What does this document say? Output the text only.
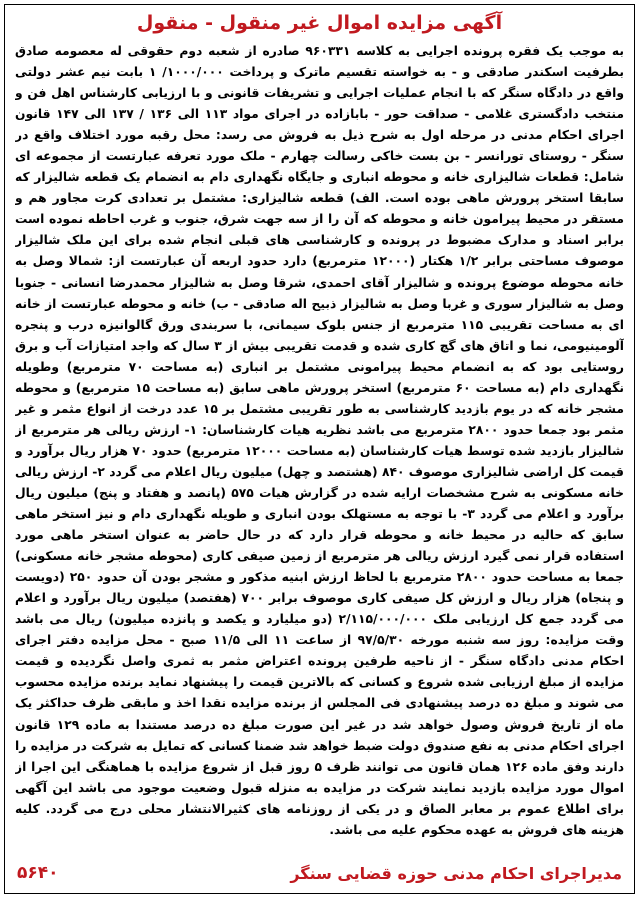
آگهی مزایده اموال غیر منقول - منقول
به موجب یک فقره پرونده اجرایی به کلاسه ۹۶۰۳۳۱ صادره از شعبه دوم حقوقی له معصومه صادق بطرفیت اسکندر صادقی و - به خواسته تقسیم ماترک و پرداخت ۱۰۰۰/۰۰۰/ ۱ بابت نیم عشر دولتی واقع در دادگاه سنگر که با انجام عملیات اجرایی و تشریفات قانونی و با ارزیابی کارشناس اهل فن و منتخب دادگستری غلامی - صداقت حور - بابازاده در اجرای مواد ۱۱۳ الی ۱۳۶ / ۱۳۷ الی ۱۴۷ قانون اجرای احکام مدنی در مرحله اول به شرح ذیل به فروش می رسد: محل رقبه مورد اختلاف واقع در سنگر - روستای تورانسر - بن بست خاکی رسالت چهارم - ملک مورد تعرفه عبارتست از مجموعه ای شامل: قطعات شالیزاری خانه و محوطه انباری و جایگاه نگهداری دام به انضمام یک قطعه شالیزار که سابقا استخر پرورش ماهی بوده است. الف) قطعه شالیزاری: مشتمل بر تعدادی کرت مجاور هم و مستقر در محیط پیرامون خانه و محوطه که آن را از سه جهت شرق، جنوب و غرب احاطه نموده است برابر اسناد و مدارک مضبوط در پرونده و کارشناسی های قبلی انجام شده برای این ملک شالیزار موصوف مساحتی برابر ۱/۲ هکتار (۱۲۰۰۰ مترمربع) دارد حدود اربعه آن عبارتست از: شمالا وصل به خانه محوطه موضوع پرونده و شالیزار آقای احمدی، شرقا وصل به شالیزار محمدرضا انسانی - جنوبا وصل به شالیزار سوری و غربا وصل به شالیزار ذبیح اله صادقی - ب) خانه و محوطه عبارتست از خانه ای به مساحت تقریبی ۱۱۵ مترمربع از جنس بلوک سیمانی، با سربندی ورق گالوانیزه درب و پنجره آلومینیومی، نما و اتاق های گچ کاری شده و قدمت تقریبی بیش از ۳ سال که واجد امتیازات آب و برق روستایی بود که به انضمام محیط پیرامونی مشتمل بر انباری (به مساحت ۷۰ مترمربع) وطویله نگهداری دام (به مساحت ۶۰ مترمربع) استخر پرورش ماهی سابق (به مساحت ۱۵ مترمربع) و محوطه مشجر خانه که در یوم بازدید کارشناسی به طور تقریبی مشتمل بر ۱۵ عدد درخت از انواع مثمر و غیر مثمر بود جمعا حدود ۲۸۰۰ مترمربع می باشد نظریه هیات کارشناسان: ۱- ارزش ریالی هر مترمربع از شالیزار بازدید شده توسط هیات کارشناسان (به مساحت ۱۲۰۰۰ مترمربع) حدود ۷۰ هزار ریال برآورد و قیمت کل اراضی شالیزاری موصوف ۸۴۰ (هشتصد و چهل) میلیون ریال اعلام می گردد ۲- ارزش ریالی خانه مسکونی به شرح مشخصات ارایه شده در گزارش هیات ۵۷۵ (پانصد و هفتاد و پنج) میلیون ریال برآورد و اعلام می گردد ۳- با توجه به مستهلک بودن انباری و طویله نگهداری دام و نیز استخر ماهی سابق که حالیه در محیط خانه و محوطه قرار دارد که در حال حاضر به عنوان استخر ماهی مورد استفاده قرار نمی گیرد ارزش ریالی هر مترمربع از زمین صیفی کاری (محوطه مشجر خانه مسکونی) جمعا به مساحت حدود ۲۸۰۰ مترمربع با لحاظ ارزش ابنیه مذکور و مشجر بودن آن حدود ۲۵۰ (دویست و پنجاه) هزار ریال و ارزش کل صیفی کاری موصوف برابر ۷۰۰ (هفتصد) میلیون ریال برآورد و اعلام می گردد جمع کل ارزیابی ملک ۲/۱۱۵/۰۰۰/۰۰۰ (دو میلیارد و یکصد و پانزده میلیون) ریال می باشد وقت مزایده: روز سه شنبه مورخه ۹۷/۵/۳۰ از ساعت ۱۱ الی ۱۱/۵ صبح - محل مزایده دفتر اجرای احکام مدنی دادگاه سنگر - از ناحیه طرفین پرونده اعتراض مثمر به ثمری واصل نگردیده و قیمت مزایده از مبلغ ارزیابی شده شروع و کسانی که بالاترین قیمت را پیشنهاد نماید برنده مزایده محسوب می شوند و مبلغ ده درصد پیشنهادی فی المجلس از برنده مزایده نقدا اخذ و مابقی ظرف حداکثر یک ماه از تاریخ فروش وصول خواهد شد در غیر این صورت مبلغ ده درصد مستندا به ماده ۱۲۹ قانون اجرای احکام مدنی به نفع صندوق دولت ضبط خواهد شد ضمنا کسانی که تمایل به شرکت در مزایده را دارند وفق ماده ۱۲۶ همان قانون می توانند ظرف ۵ روز قبل از شروع مزایده با هماهنگی این اجرا از اموال مورد مزایده بازدید نمایند شرکت در مزایده به منزله قبول وضعیت موجود می باشد این آگهی برای اطلاع عموم بر معابر الصاق و در یکی از روزنامه های کثیرالانتشار محلی درج می گردد. کلیه هزینه های فروش به عهده محکوم علیه می باشد.
۵۶۴۰	مدیراجرای احکام مدنی حوزه قضایی سنگر
